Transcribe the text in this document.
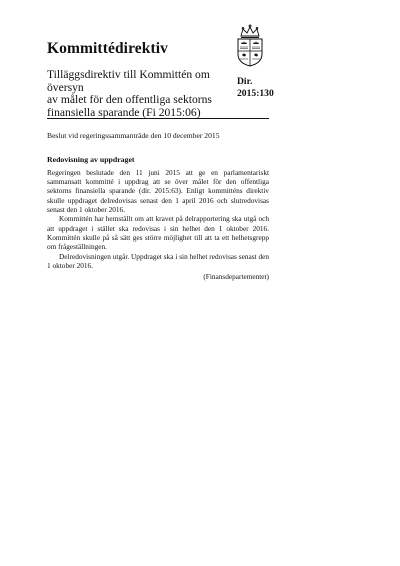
Kommittédirektiv
Tilläggsdirektiv till Kommittén om översyn
av målet för den offentliga sektorns
finansiella sparande (Fi 2015:06)
Dir.
2015:130
Beslut vid regeringssammanträde den 10 december 2015
Redovisning av uppdraget

Regeringen beslutade den 11 juni 2015 att ge en parlamentariskt sammansatt kommitté i uppdrag att se över målet för den offentliga sektorns finansiella sparande (dir. 2015:63). Enligt kommitténs direktiv skulle uppdraget delredovisas senast den 1 april 2016 och slutredovisas senast den 1 oktober 2016.

Kommittén har hemställt om att kravet på delrapportering ska utgå och att uppdraget i stället ska redovisas i sin helhet den 1 oktober 2016. Kommittén skulle på så sätt ges större möjlighet till att ta ett helhetsgrepp om frågeställningen.

Delredovisningen utgår. Uppdraget ska i sin helhet redovisas senast den 1 oktober 2016.

(Finansdepartementet)
